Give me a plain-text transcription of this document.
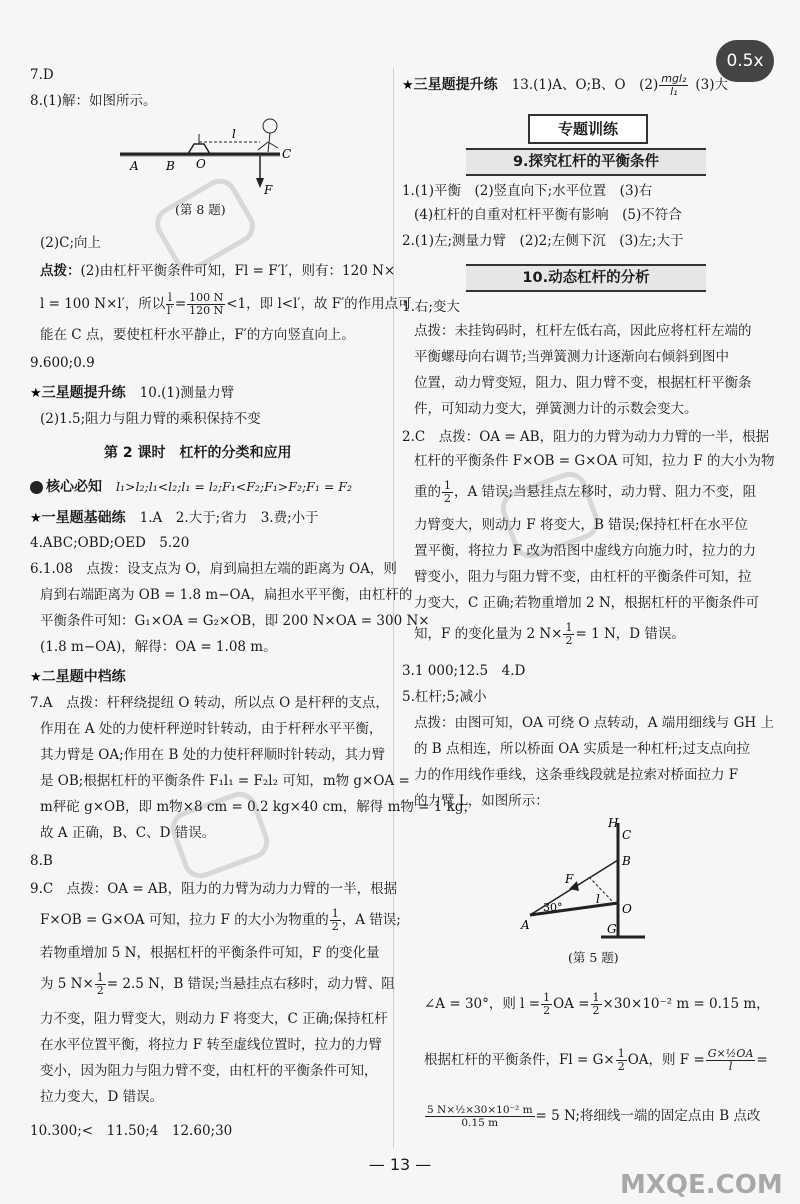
0.5x
7.D
8.(1)解：如图所示。
A B O
C
F
l
(第 8 题)
(2)C;向上
点拨：(2)由杠杆平衡条件可知，Fl = F′l′，则有：120 N×
l = 100 N×l′，所以 $\frac{l}{l'} = \frac{100 N}{120 N} <1$，即 l<l′，故 F′的作用点可
能在 C 点，要使杠杆水平静止，F′的方向竖直向上。
9.600;0.9
★三星题提升练　 10.(1)测量力臂
(2)1.5;阻力与阻力臂的乘积保持不变
第 2 课时　杠杆的分类和应用
核心必知　 l₁>l₂;l₁<l₂;l₁ = l₂;F₁<F₂;F₁>F₂;F₁ = F₂
★一星题基础练　 1.A　2.大于;省力　3.费;小于
4.ABC;OBD;OED　5.20
6.1.08　点拨：设支点为 O，肩到扁担左端的距离为 OA，则
肩到右端距离为 OB = 1.8 m−OA，扁担水平平衡，由杠杆的
平衡条件可知：G₁×OA = G₂×OB，即 200 N×OA = 300 N×
(1.8 m−OA)，解得：OA = 1.08 m。
★二星题中档练
7.A　点拨：杆秤绕提纽 O 转动，所以点 O 是杆秤的支点，
作用在 A 处的力使杆秤逆时针转动，由于杆秤水平平衡，
其力臂是 OA;作用在 B 处的力使杆秤顺时针转动，其力臂
是 OB;根据杠杆的平衡条件 F₁l₁ = F₂l₂ 可知，m物 g×OA =
m秤砣 g×OB，即 m物×8 cm = 0.2 kg×40 cm，解得 m物 = 1 kg，
故 A 正确，B、C、D 错误。
8.B
9.C　点拨：OA = AB，阻力的力臂为动力力臂的一半，根据
F×OB = G×OA 可知，拉力 F 的大小为物重的 $\frac{1}{2}$ ，A 错误;
若物重增加 5 N，根据杠杆的平衡条件可知，F 的变化量
为 5 $N\times \frac{1}{2} = 2.5$ N，B 错误;当悬挂点右移时，动力臂、阻
力不变，阻力臂变大，则动力 F 将变大，C 正确;保持杠杆
在水平位置平衡，将拉力 F 转至虚线位置时，拉力的力臂
变小，因为阻力与阻力臂不变，由杠杆的平衡条件可知，
拉力变大，D 错误。
10.300;<　11.50;4　12.60;30
★三星题提升练　 13.(1)A、O;B、O　$(2) \frac{\text{mgl₂}}{\text{l₁}} (3)$大
专题训练
9.探究杠杆的平衡条件
1.(1)平衡　(2)竖直向下;水平位置　(3)右
(4)杠杆的自重对杠杆平衡有影响　(5)不符合
2.(1)左;测量力臂　(2)2;左侧下沉　(3)左;大于
10.动态杠杆的分析
1.右;变大
点拨：未挂钩码时，杠杆左低右高，因此应将杠杆左端的
平衡螺母向右调节;当弹簧测力计逐渐向右倾斜到图中
位置，动力臂变短，阻力、阻力臂不变，根据杠杆平衡条
件，可知动力变大，弹簧测力计的示数会变大。
2.C　点拨：OA = AB，阻力的力臂为动力力臂的一半，根据
杠杆的平衡条件 F×OB = G×OA 可知，拉力 F 的大小为物
重的 $\frac{1}{2}$ ，A 错误;当悬挂点左移时，动力臂、阻力不变，阻
力臂变大，则动力 F 将变大，B 错误;保持杠杆在水平位
置平衡，将拉力 F 改为沿图中虚线方向施力时，拉力的力
臂变小，阻力与阻力臂不变，由杠杆的平衡条件可知，拉
力变大，C 正确;若物重增加 2 N，根据杠杆的平衡条件可
知，F 的变化量为 2 $N\times \frac{1}{2} = 1$ N，D 错误。
3.1 000;12.5　4.D
5.杠杆;5;减小
点拨：由图可知，OA 可绕 O 点转动，A 端用细线与 GH 上
的 B 点相连，所以桥面 OA 实质是一种杠杆;过支点向拉
力的作用线作垂线，这条垂线段就是拉索对桥面拉力 F
的力臂 L，如图所示：
H
C
B
F
l
O
A	G
30°
(第 5 题)
∠A = 30°，则 $l = \frac{1}{2}$ OA = $\frac{1}{2} \times 30\times 10^{-2}$ m = 0.15 m，
根据杠杆的平衡条件，$Fl = G\times \frac{1}{2}$ OA，则 $F = \frac{\text{G×½OA}}{l}$ =
$\frac{\text{5 N×½×30×10⁻² m}}{0.15 m} = 5$ N;将细线一端的固定点由 B 点改
— 13 —
MXQE.COM
